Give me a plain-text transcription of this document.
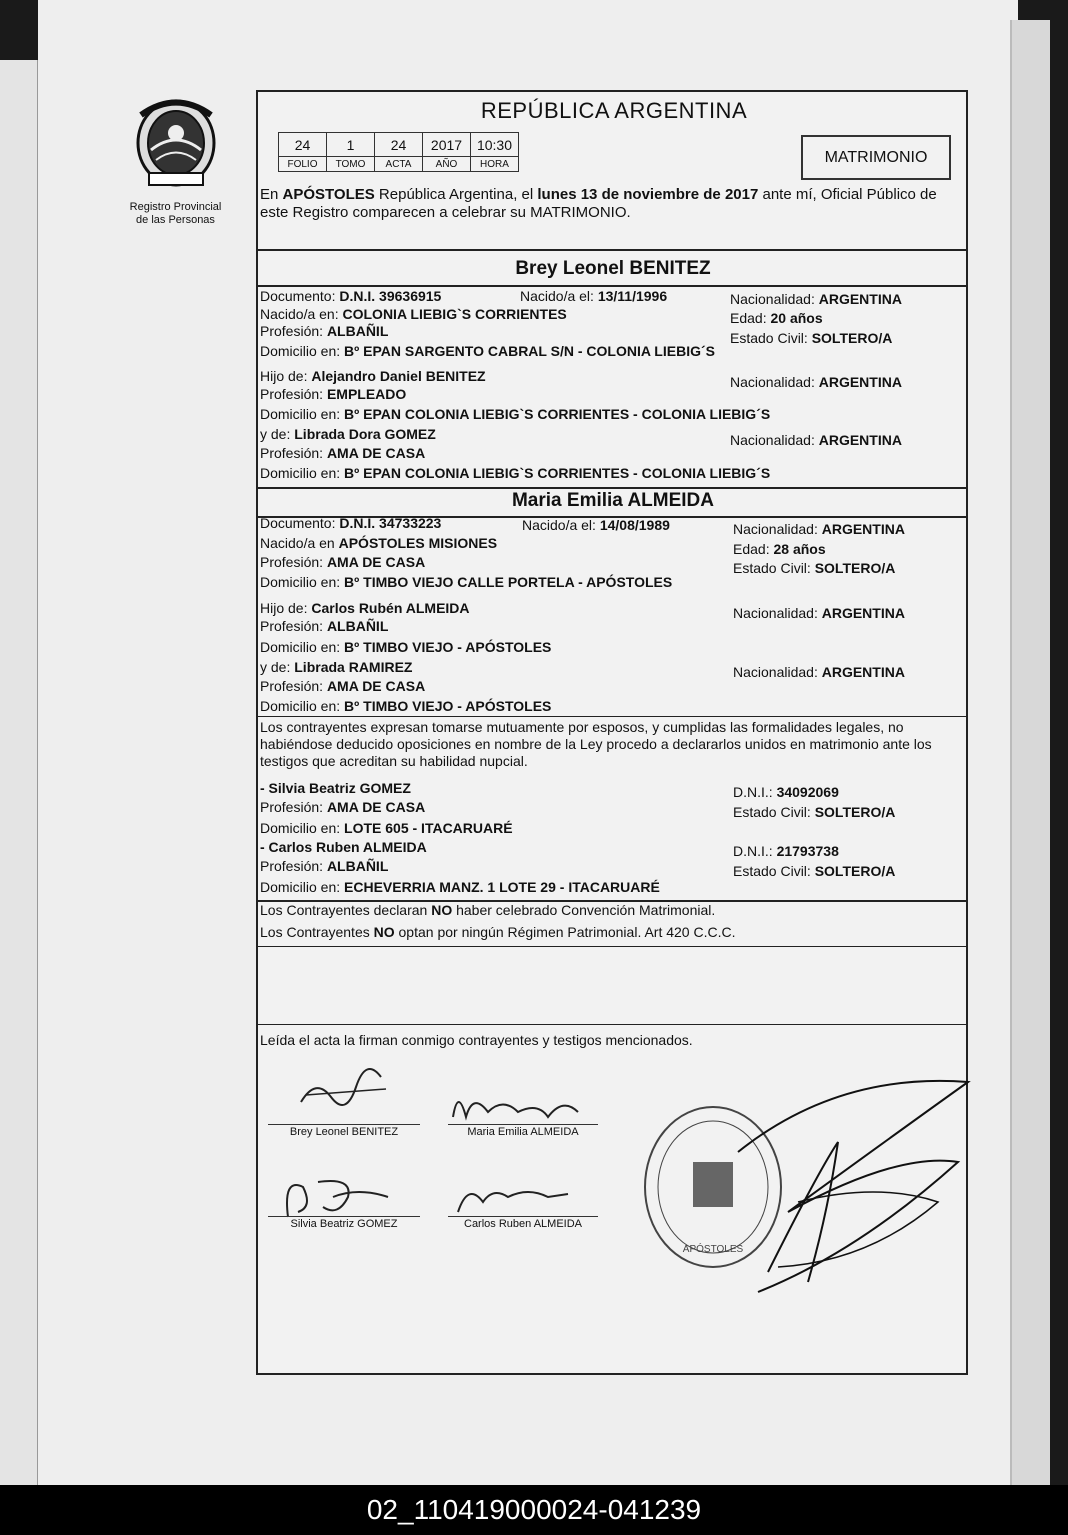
Registro Provincial
de las Personas
REPÚBLICA ARGENTINA
24	1	24	2017	10:30
FOLIO	TOMO	ACTA	AÑO	HORA	MATRIMONIO
En APÓSTOLES República Argentina, el lunes 13 de noviembre de 2017 ante mí, Oficial Público de este Registro comparecen a celebrar su MATRIMONIO.
Brey Leonel BENITEZ
Documento: D.N.I. 39636915	Nacido/a el: 13/11/1996	Nacionalidad: ARGENTINA
Nacido/a en: COLONIA LIEBIG`S CORRIENTES	Edad: 20 años
Profesión: ALBAÑIL	Estado Civil: SOLTERO/A
Domicilio en: Bº EPAN SARGENTO CABRAL S/N - COLONIA LIEBIG´S
Hijo de: Alejandro Daniel BENITEZ	Nacionalidad: ARGENTINA
Profesión: EMPLEADO
Domicilio en: Bº EPAN COLONIA LIEBIG`S CORRIENTES - COLONIA LIEBIG´S
y de: Librada Dora GOMEZ	Nacionalidad: ARGENTINA
Profesión: AMA DE CASA
Domicilio en: Bº EPAN COLONIA LIEBIG`S CORRIENTES - COLONIA LIEBIG´S
Maria Emilia ALMEIDA
Documento: D.N.I. 34733223	Nacido/a el: 14/08/1989	Nacionalidad: ARGENTINA
Nacido/a en APÓSTOLES MISIONES	Edad: 28 años
Profesión: AMA DE CASA	Estado Civil: SOLTERO/A
Domicilio en: Bº TIMBO VIEJO CALLE PORTELA - APÓSTOLES
Hijo de: Carlos Rubén ALMEIDA	Nacionalidad: ARGENTINA
Profesión: ALBAÑIL
Domicilio en: Bº TIMBO VIEJO - APÓSTOLES
y de: Librada RAMIREZ	Nacionalidad: ARGENTINA
Profesión: AMA DE CASA
Domicilio en: Bº TIMBO VIEJO - APÓSTOLES
Los contrayentes expresan tomarse mutuamente por esposos, y cumplidas las formalidades legales, no habiéndose deducido oposiciones en nombre de la Ley procedo a declararlos unidos en matrimonio ante los testigos que acreditan su habilidad nupcial.
- Silvia Beatriz GOMEZ	D.N.I.: 34092069
Profesión: AMA DE CASA	Estado Civil: SOLTERO/A
Domicilio en: LOTE 605 - ITACARUARÉ
- Carlos Ruben ALMEIDA	D.N.I.: 21793738
Profesión: ALBAÑIL	Estado Civil: SOLTERO/A
Domicilio en: ECHEVERRIA MANZ. 1 LOTE 29 - ITACARUARÉ
Los Contrayentes declaran NO haber celebrado Convención Matrimonial.
Los Contrayentes NO optan por ningún Régimen Patrimonial. Art 420 C.C.C.
Leída el acta la firman conmigo contrayentes y testigos mencionados.
Brey Leonel BENITEZ	Maria Emilia ALMEIDA
Silvia Beatriz GOMEZ	Carlos Ruben ALMEIDA
APÓSTOLES
02_110419000024-041239
